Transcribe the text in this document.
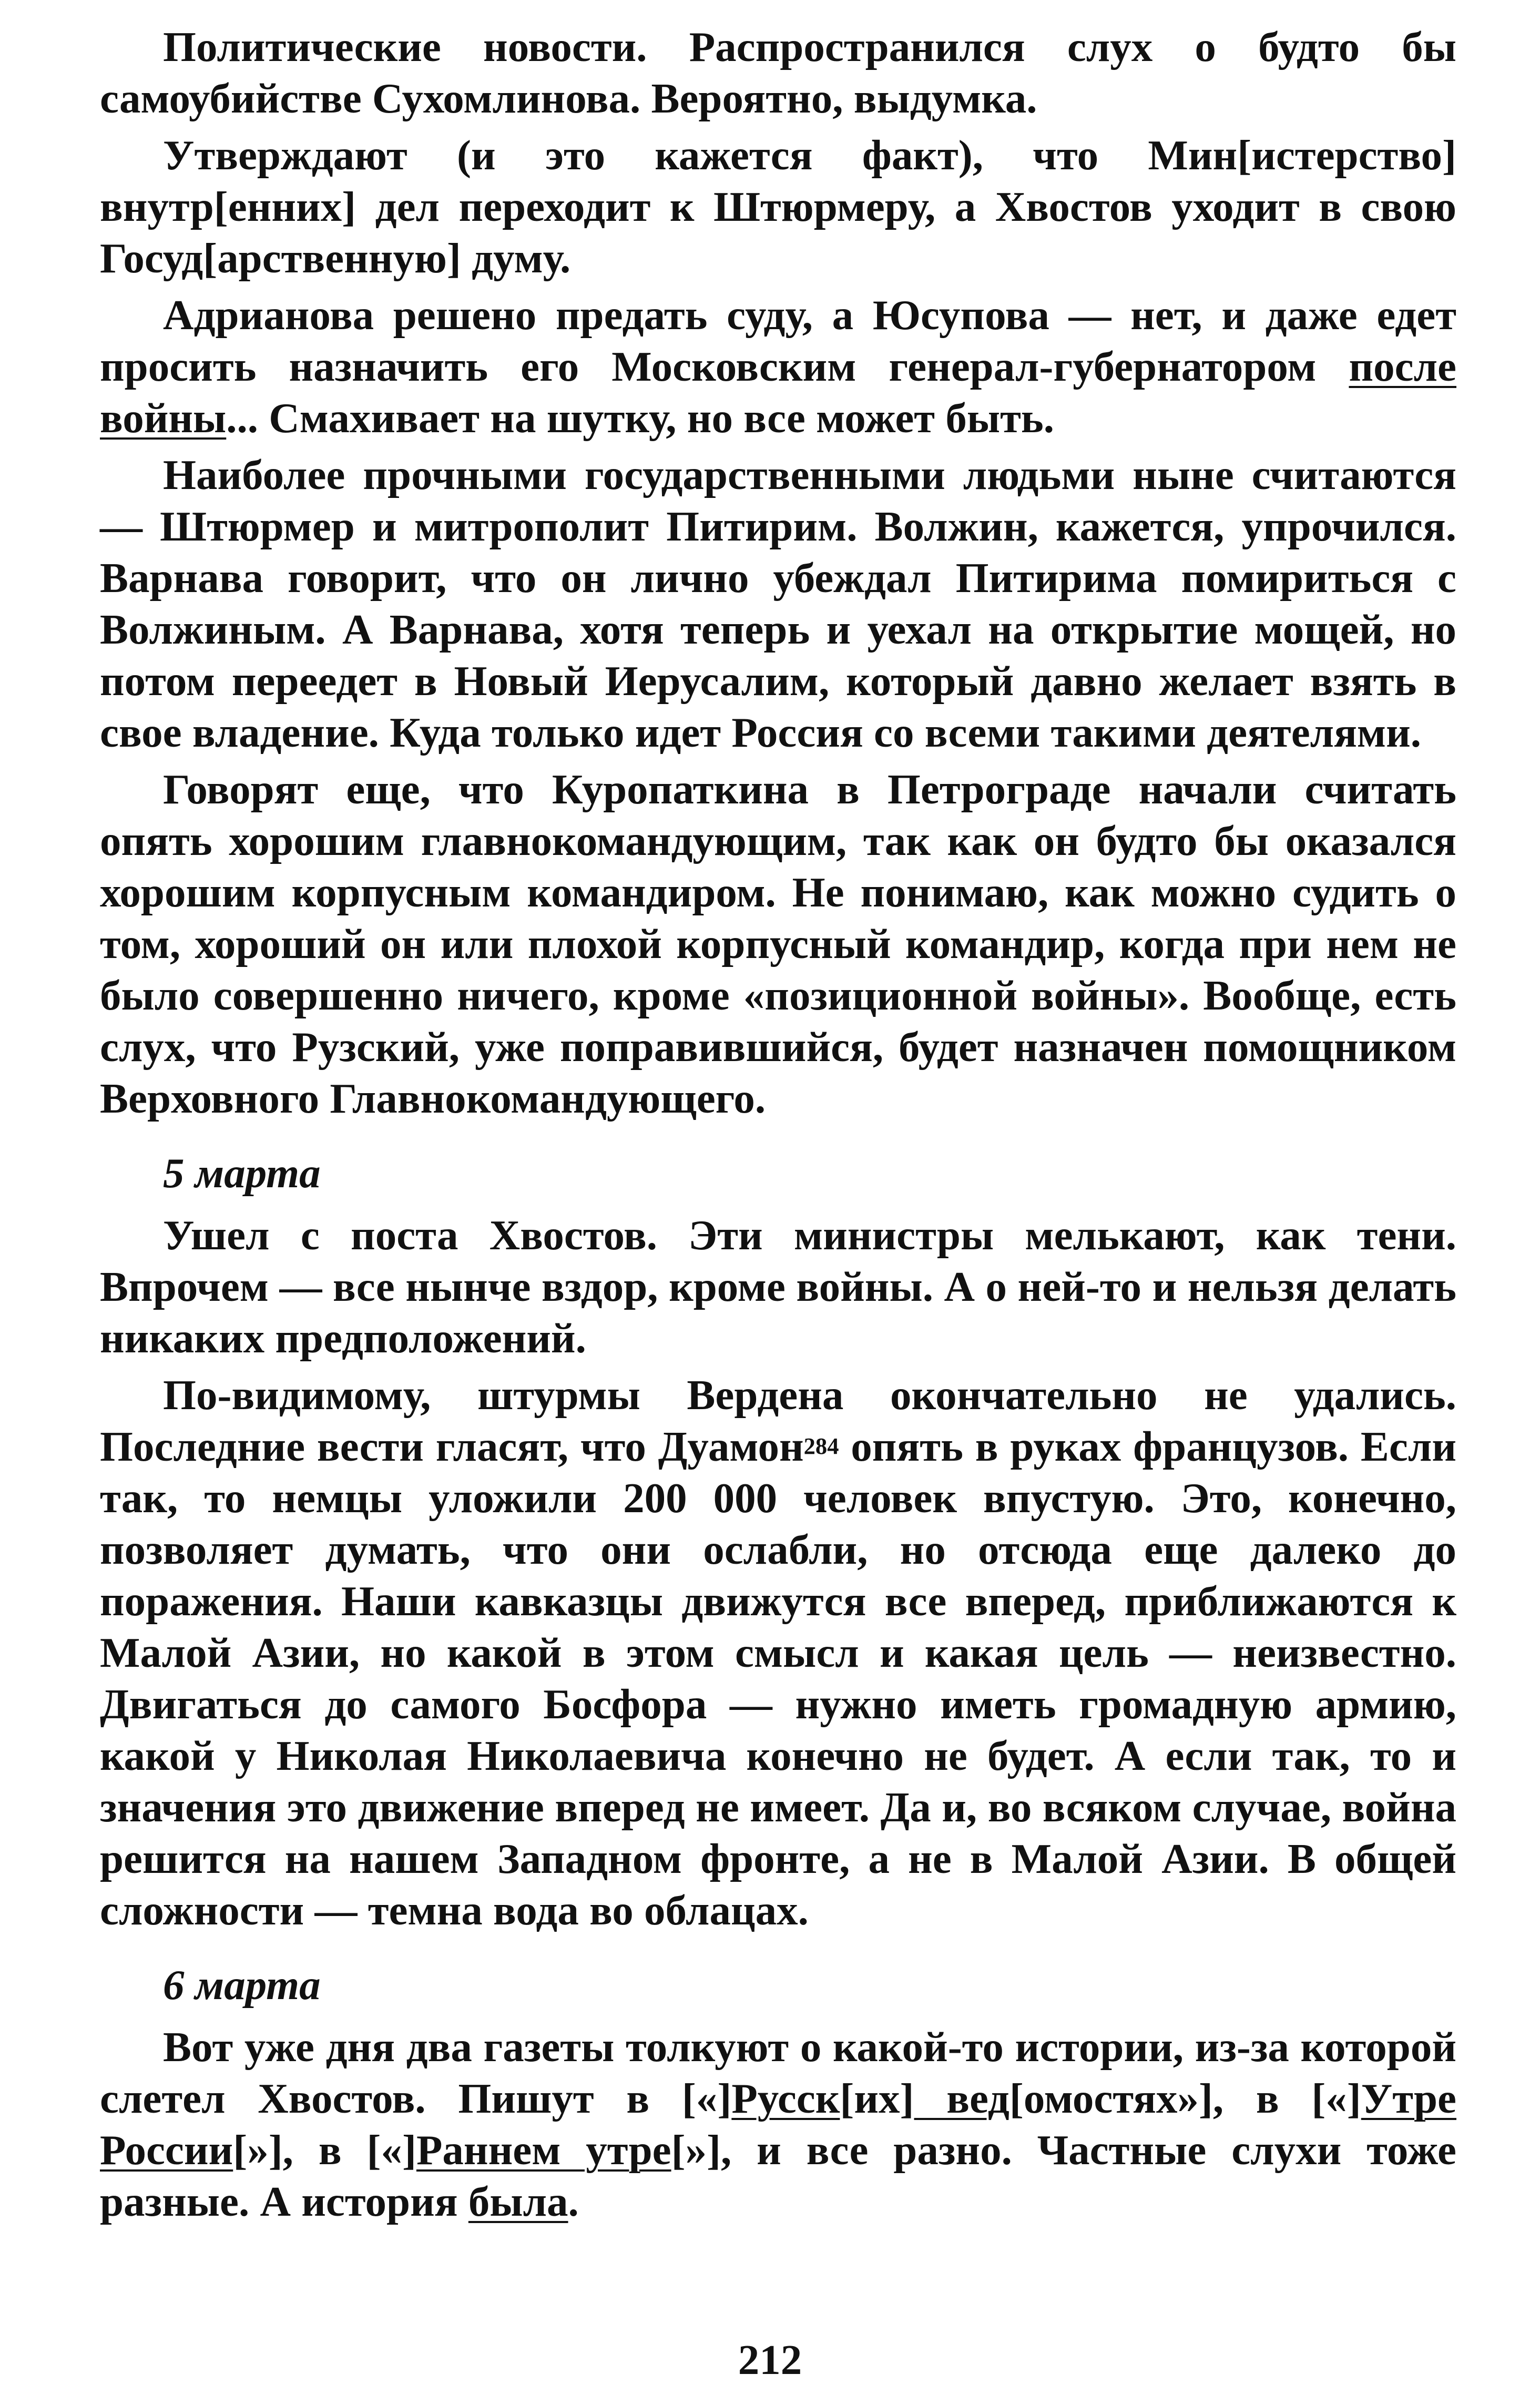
Политические новости. Распространился слух о будто бы самоубийстве Сухомлинова. Вероятно, выдумка.

Утверждают (и это кажется факт), что Мин[истерство] внутр[енних] дел переходит к Штюрмеру, а Хвостов уходит в свою Госуд[арственную] думу.

Адрианова решено предать суду, а Юсупова — нет, и даже едет просить назначить его Московским генерал-губернатором после войны... Смахивает на шутку, но все может быть.

Наиболее прочными государственными людьми ныне считаются — Штюрмер и митрополит Питирим. Волжин, кажется, упрочился. Варнава говорит, что он лично убеждал Питирима помириться с Волжиным. А Варнава, хотя теперь и уехал на открытие мощей, но потом переедет в Новый Иерусалим, который давно желает взять в свое владение. Куда только идет Россия со всеми такими деятелями.

Говорят еще, что Куропаткина в Петрограде начали считать опять хорошим главнокомандующим, так как он будто бы оказался хорошим корпусным командиром. Не понимаю, как можно судить о том, хороший он или плохой корпусный командир, когда при нем не было совершенно ничего, кроме «позиционной войны». Вообще, есть слух, что Рузский, уже поправившийся, будет назначен помощником Верховного Главнокомандующего.

5 марта

Ушел с поста Хвостов. Эти министры мелькают, как тени. Впрочем — все нынче вздор, кроме войны. А о ней-то и нельзя делать никаких предположений.

По-видимому, штурмы Вердена окончательно не удались. Последние вести гласят, что Дуамон$^{284}$ опять в руках французов. Если так, то немцы уложили 200 000 человек впустую. Это, конечно, позволяет думать, что они ослабли, но отсюда еще далеко до поражения. Наши кавказцы движутся все вперед, приближаются к Малой Азии, но какой в этом смысл и какая цель — неизвестно. Двигаться до самого Босфора — нужно иметь громадную армию, какой у Николая Николаевича конечно не будет. А если так, то и значения это движение вперед не имеет. Да и, во всяком случае, война решится на нашем Западном фронте, а не в Малой Азии. В общей сложности — темна вода во облацах.

6 марта

Вот уже дня два газеты толкуют о какой-то истории, из-за которой слетел Хвостов. Пишут в [«]Русск[их] вед[омостях»], в [«]Утре России[»], в [«]Раннем утре[»], и все разно. Частные слухи тоже разные. А история была.

212
